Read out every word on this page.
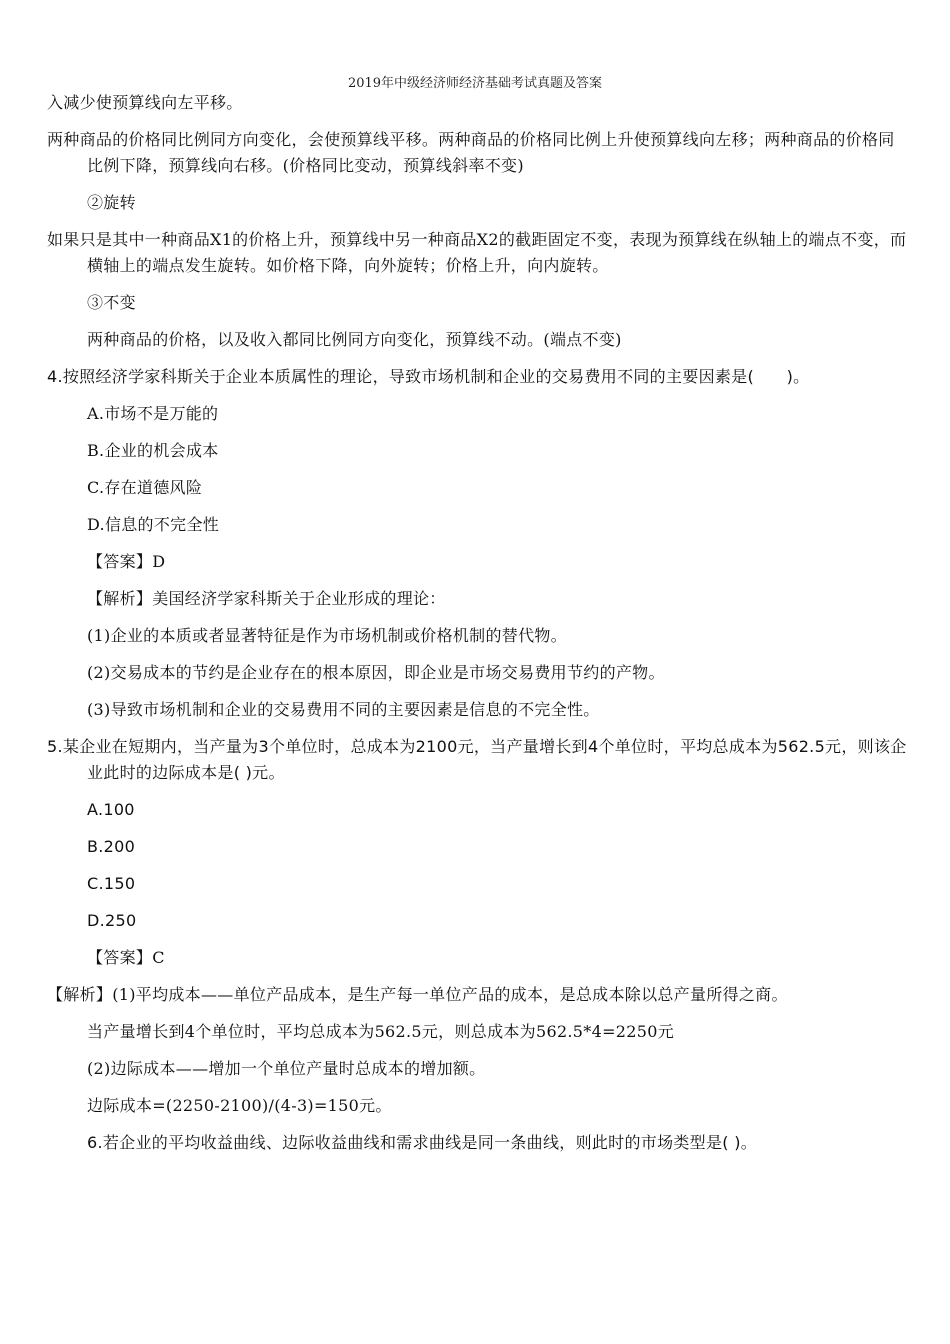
2019年中级经济师经济基础考试真题及答案

入减少使预算线向左平移。

两种商品的价格同比例同方向变化，会使预算线平移。两种商品的价格同比例上升使预算线向左移；两种商品的价格同比例下降，预算线向右移。(价格同比变动，预算线斜率不变)

②旋转

如果只是其中一种商品X1的价格上升，预算线中另一种商品X2的截距固定不变，表现为预算线在纵轴上的端点不变，而横轴上的端点发生旋转。如价格下降，向外旋转；价格上升，向内旋转。

③不变

两种商品的价格，以及收入都同比例同方向变化，预算线不动。(端点不变)

4.按照经济学家科斯关于企业本质属性的理论，导致市场机制和企业的交易费用不同的主要因素是(　　)。

A.市场不是万能的

B.企业的机会成本

C.存在道德风险

D.信息的不完全性

【答案】D

【解析】美国经济学家科斯关于企业形成的理论：

(1)企业的本质或者显著特征是作为市场机制或价格机制的替代物。

(2)交易成本的节约是企业存在的根本原因，即企业是市场交易费用节约的产物。

(3)导致市场机制和企业的交易费用不同的主要因素是信息的不完全性。

5.某企业在短期内，当产量为3个单位时，总成本为2100元，当产量增长到4个单位时，平均总成本为562.5元，则该企业此时的边际成本是( )元。

A.100

B.200

C.150

D.250

【答案】C

【解析】(1)平均成本——单位产品成本，是生产每一单位产品的成本，是总成本除以总产量所得之商。

当产量增长到4个单位时，平均总成本为562.5元，则总成本为562.5*4=2250元

(2)边际成本——增加一个单位产量时总成本的增加额。

边际成本=(2250-2100)/(4-3)=150元。

6.若企业的平均收益曲线、边际收益曲线和需求曲线是同一条曲线，则此时的市场类型是( )。
